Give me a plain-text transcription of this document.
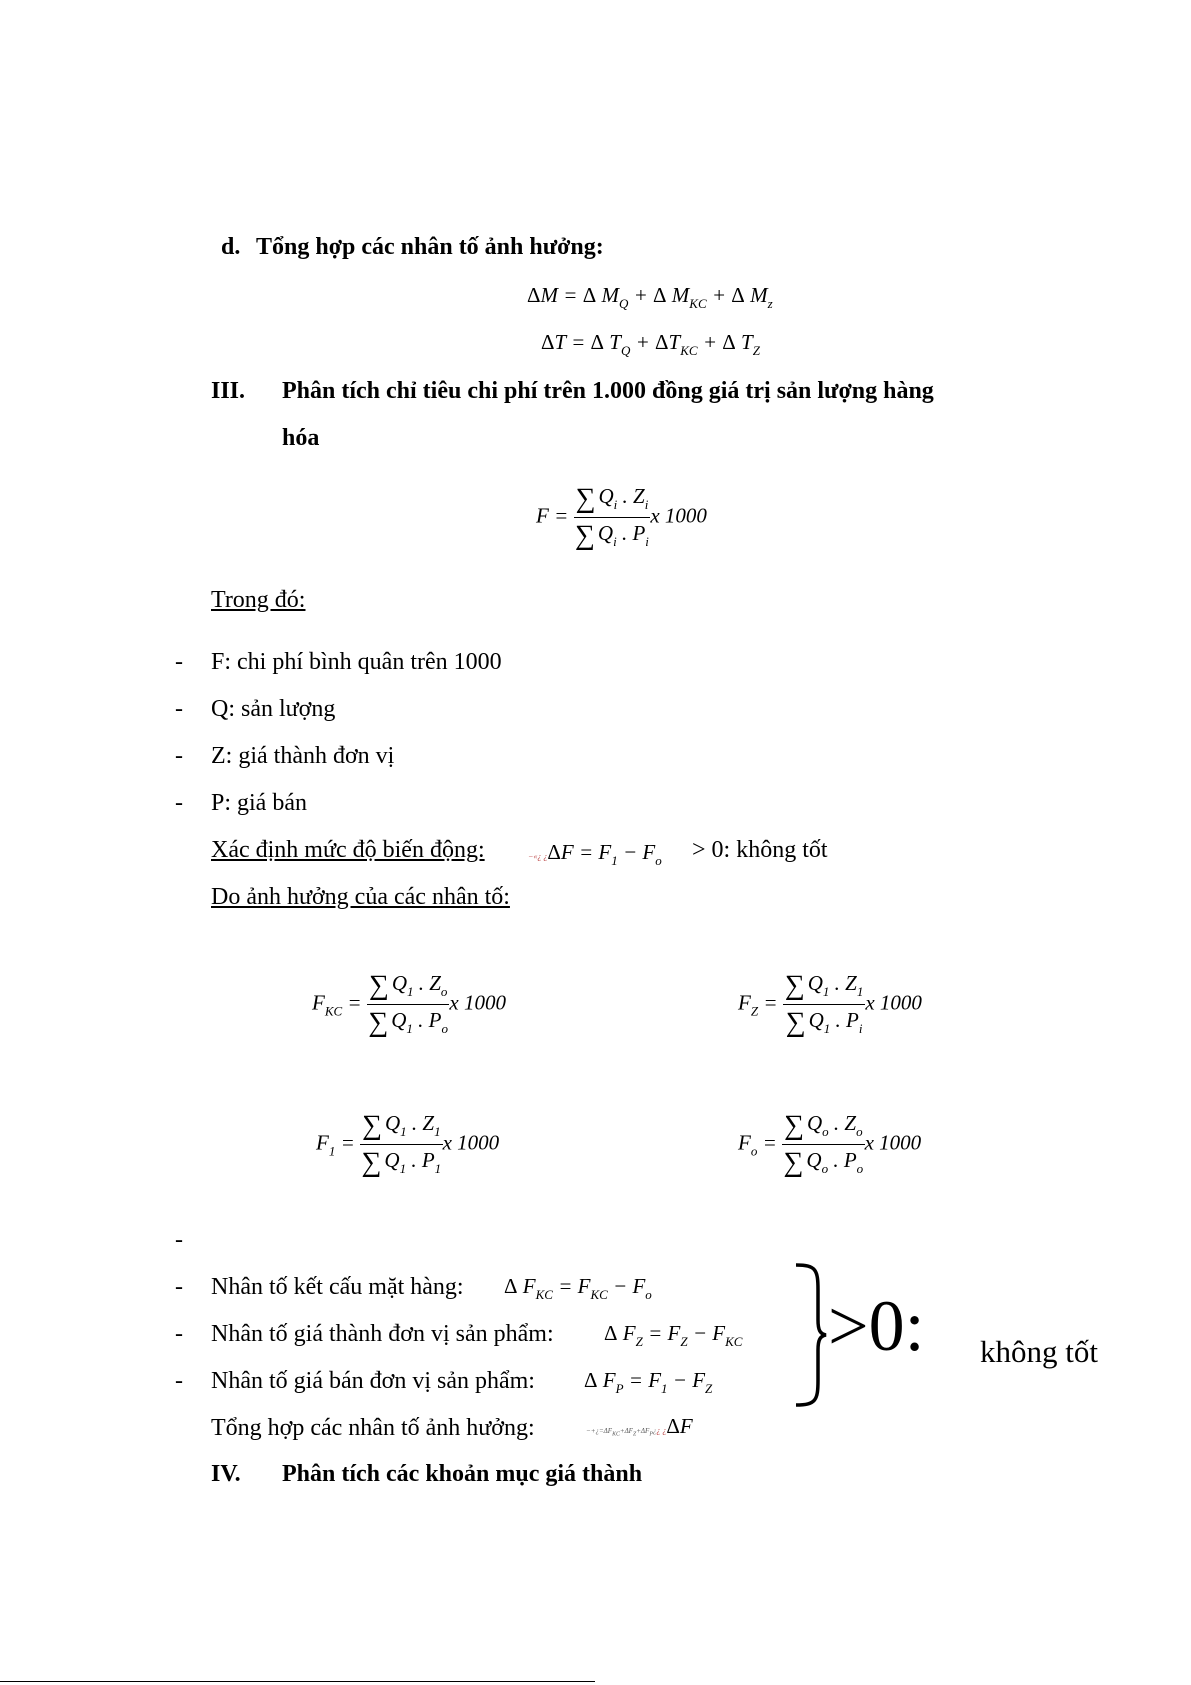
d. Tổng hợp các nhân tố ảnh hưởng:
ΔM = Δ $M_Q + \Delta$ $M_{KC} + \Delta$ $M_z$
ΔT = Δ $T_Q + \Delta T_{KC} + \Delta$ $T_Z$
III. Phân tích chỉ tiêu chi phí trên 1.000 đồng giá trị sản lượng hàng
hóa
$F = \frac{\sum Q_i . Z_i}{\sum Q_i . P_i}$ x 1000
Trong đó:
- F: chi phí bình quân trên 1000
- Q: sản lượng
- Z: giá thành đơn vị
- P: giá bán
Xác định mức độ biến động:	−«¿ ¿$\Delta F = F_1 - F_o > 0$: không tốt
Do ảnh hưởng của các nhân tố:
$F_{KC} = \frac{\sum Q_1 . Z_o}{\sum Q_1 . P_o}$ x 1000	$F_Z = \frac{\sum Q_1 . Z_1}{\sum Q_1 . P_i}$ x 1000
$F_1 = \frac{\sum Q_1 . Z_1}{\sum Q_1 . P_1}$ x 1000	$F_o = \frac{\sum Q_o . Z_o}{\sum Q_o . P_o}$ x 1000
-
- Nhân tố kết cấu mặt hàng: Δ $F_{KC} = F_{KC} - F_o$
- Nhân tố giá thành đơn vị sản phẩm: Δ $F_Z = F_Z - F_{KC}$
- Nhân tố giá bán đơn vị sản phẩm: Δ $F_P = F_1 - F_Z$
>0: không tốt
Tổng hợp các nhân tố ảnh hưởng:	$-+¿=\Delta F_{KC}+\Delta F_Z+\Delta F_P¿¿$ ¿ΔF
IV. Phân tích các khoản mục giá thành
